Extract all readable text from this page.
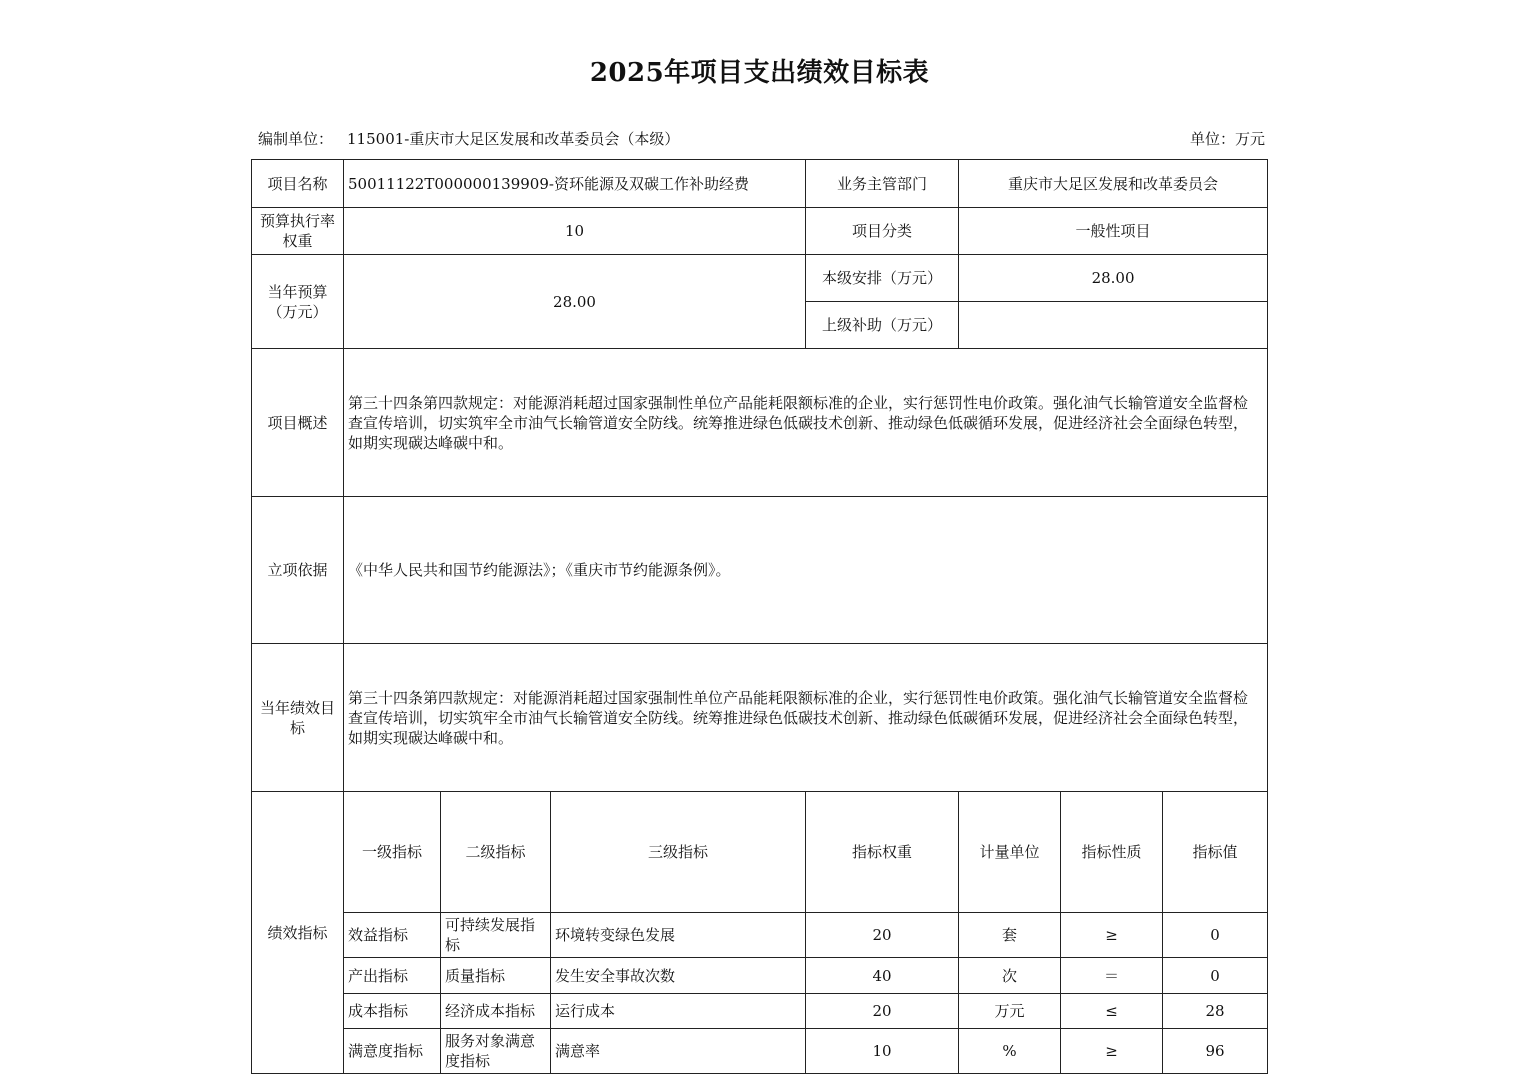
2025年项目支出绩效目标表
编制单位： 115001-重庆市大足区发展和改革委员会（本级）	单位：万元
项目名称	50011122T000000139909-资环能源及双碳工作补助经费			业务主管部门	重庆市大足区发展和改革委员会			
预算执行率权重	10			项目分类	一般性项目			
当年预算（万元）	28.00			本级安排（万元）	28.00			
				上级补助（万元）				
项目概述	第三十四条第四款规定：对能源消耗超过国家强制性单位产品能耗限额标准的企业，实行惩罚性电价政策。强化油气长输管道安全监督检查宣传培训，切实筑牢全市油气长输管道安全防线。统筹推进绿色低碳技术创新、推动绿色低碳循环发展，促进经济社会全面绿色转型，如期实现碳达峰碳中和。							
立项依据	《中华人民共和国节约能源法》；《重庆市节约能源条例》。							
当年绩效目标	第三十四条第四款规定：对能源消耗超过国家强制性单位产品能耗限额标准的企业，实行惩罚性电价政策。强化油气长输管道安全监督检查宣传培训，切实筑牢全市油气长输管道安全防线。统筹推进绿色低碳技术创新、推动绿色低碳循环发展，促进经济社会全面绿色转型，如期实现碳达峰碳中和。							
绩效指标	一级指标	二级指标	三级指标	指标权重	计量单位	指标性质	指标值	
	效益指标	可持续发展指标	环境转变绿色发展	20	套	≥	0	
	产出指标	质量指标	发生安全事故次数	40	次	＝	0	
	成本指标	经济成本指标	运行成本	20	万元	≤	28	
	满意度指标	服务对象满意度指标	满意率	10	%	≥	96	
